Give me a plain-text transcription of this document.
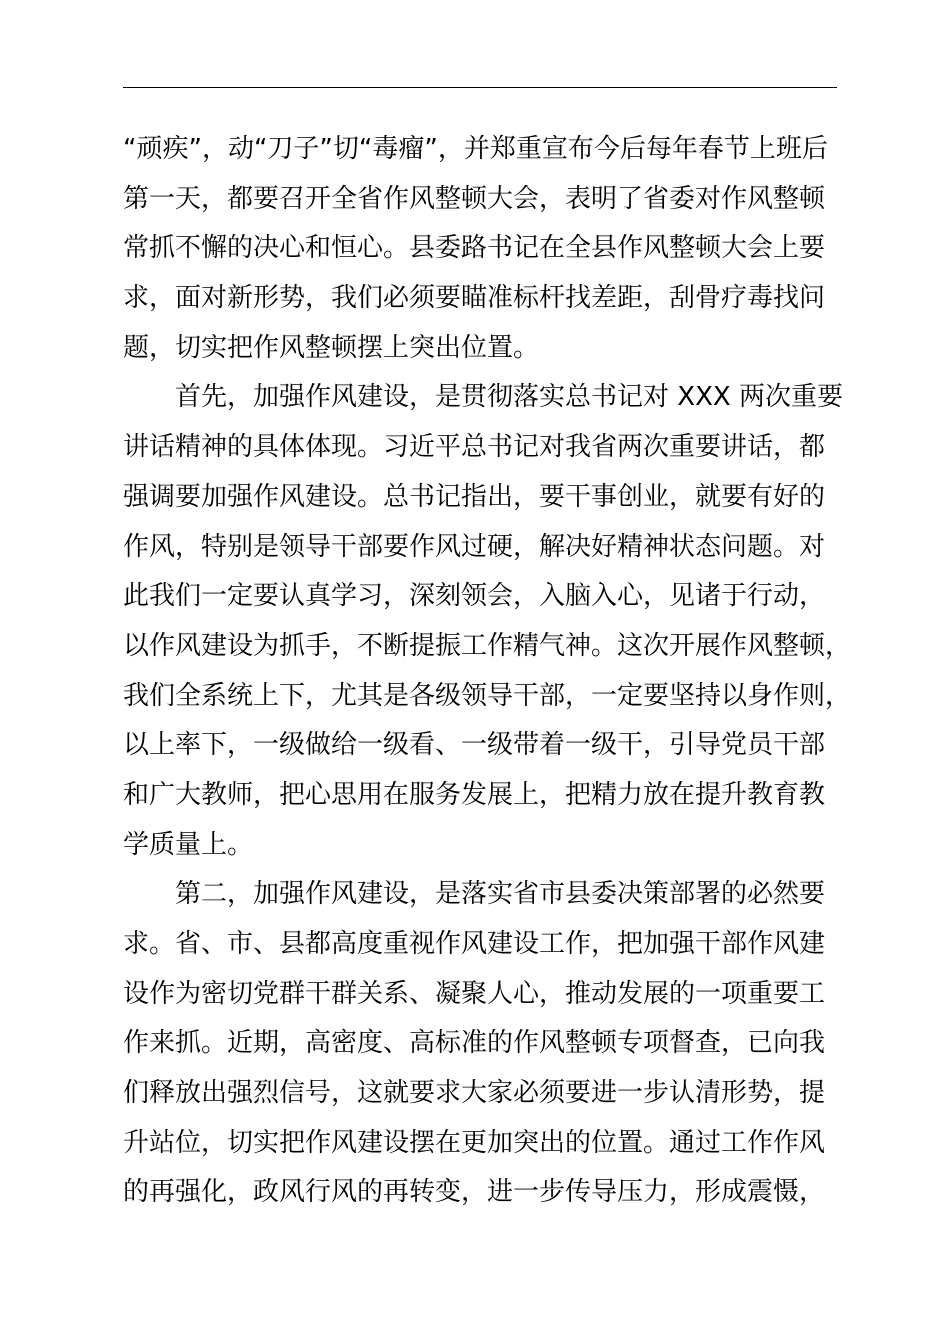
“顽疾”，动“刀子”切“毒瘤”，并郑重宣布今后每年春节上班后
第一天，都要召开全省作风整顿大会，表明了省委对作风整顿
常抓不懈的决心和恒心。县委路书记在全县作风整顿大会上要
求，面对新形势，我们必须要瞄准标杆找差距，刮骨疗毒找问
题，切实把作风整顿摆上突出位置。
首先，加强作风建设，是贯彻落实总书记对 XXX 两次重要
讲话精神的具体体现。习近平总书记对我省两次重要讲话，都
强调要加强作风建设。总书记指出，要干事创业，就要有好的
作风，特别是领导干部要作风过硬，解决好精神状态问题。对
此我们一定要认真学习，深刻领会，入脑入心，见诸于行动，
以作风建设为抓手，不断提振工作精气神。这次开展作风整顿，
我们全系统上下，尤其是各级领导干部，一定要坚持以身作则，
以上率下，一级做给一级看、一级带着一级干，引导党员干部
和广大教师，把心思用在服务发展上，把精力放在提升教育教
学质量上。
第二，加强作风建设，是落实省市县委决策部署的必然要
求。省、市、县都高度重视作风建设工作，把加强干部作风建
设作为密切党群干群关系、凝聚人心，推动发展的一项重要工
作来抓。近期，高密度、高标准的作风整顿专项督查，已向我
们释放出强烈信号，这就要求大家必须要进一步认清形势，提
升站位，切实把作风建设摆在更加突出的位置。通过工作作风
的再强化，政风行风的再转变，进一步传导压力，形成震慑，
